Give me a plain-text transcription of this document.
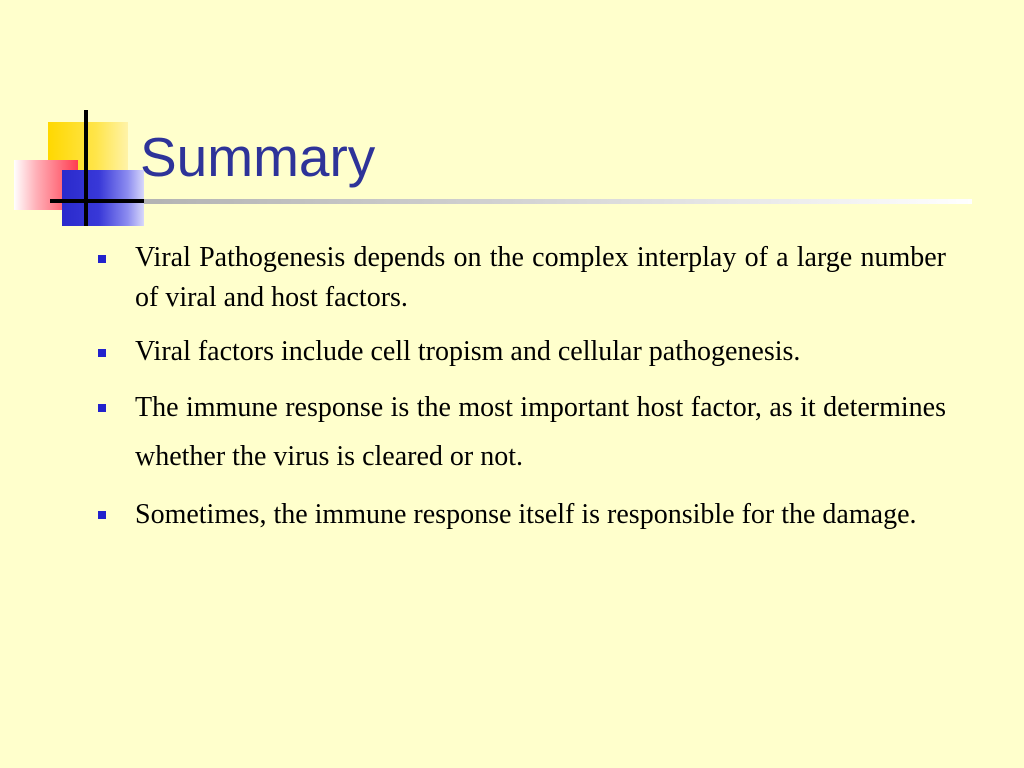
Summary
Viral Pathogenesis depends on the complex interplay of a large number of viral and host factors.
Viral factors include cell tropism and cellular pathogenesis.
The immune response is the most important host factor, as it determines whether the virus is cleared or not.
Sometimes, the immune response itself is responsible for the damage.
